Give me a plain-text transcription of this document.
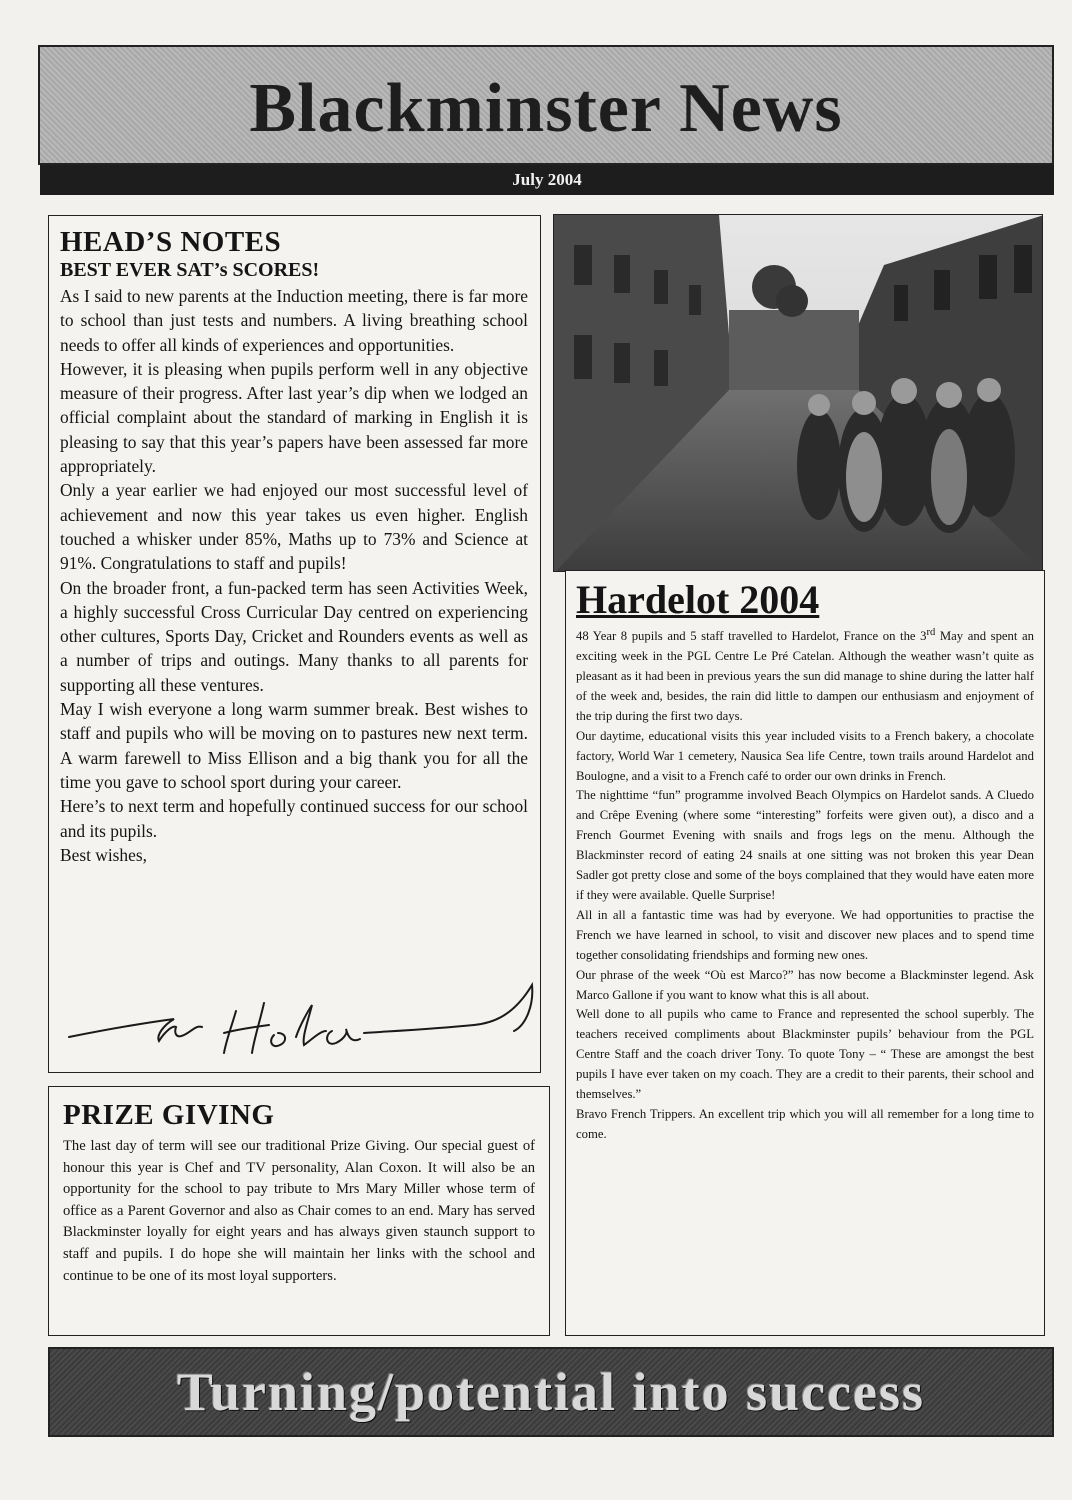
Blackminster News
July 2004
HEAD’S NOTES
BEST EVER SAT’s SCORES!

As I said to new parents at the Induction meeting, there is far more to school than just tests and numbers. A living breathing school needs to offer all kinds of experiences and opportunities.

However, it is pleasing when pupils perform well in any objective measure of their progress. After last year’s dip when we lodged an official complaint about the standard of marking in English it is pleasing to say that this year’s papers have been assessed far more appropriately.

Only a year earlier we had enjoyed our most successful level of achievement and now this year takes us even higher. English touched a whisker under 85%, Maths up to 73% and Science at 91%. Congratulations to staff and pupils!

On the broader front, a fun-packed term has seen Activities Week, a highly successful Cross Curricular Day centred on experiencing other cultures, Sports Day, Cricket and Rounders events as well as a number of trips and outings. Many thanks to all parents for supporting all these ventures.

May I wish everyone a long warm summer break. Best wishes to staff and pupils who will be moving on to pastures new next term. A warm farewell to Miss Ellison and a big thank you for all the time you gave to school sport during your career.

Here’s to next term and hopefully continued success for our school and its pupils.

Best wishes,
PRIZE GIVING

The last day of term will see our traditional Prize Giving. Our special guest of honour this year is Chef and TV personality, Alan Coxon. It will also be an opportunity for the school to pay tribute to Mrs Mary Miller whose term of office as a Parent Governor and also as Chair comes to an end. Mary has served Blackminster loyally for eight years and has always given staunch support to staff and pupils. I do hope she will maintain her links with the school and continue to be one of its most loyal supporters.

Hardelot 2004

48 Year 8 pupils and 5 staff travelled to Hardelot, France on the 3rd May and spent an exciting week in the PGL Centre Le Pré Catelan. Although the weather wasn’t quite as pleasant as it had been in previous years the sun did manage to shine during the latter half of the week and, besides, the rain did little to dampen our enthusiasm and enjoyment of the trip during the first two days.

Our daytime, educational visits this year included visits to a French bakery, a chocolate factory, World War 1 cemetery, Nausica Sea life Centre, town trails around Hardelot and Boulogne, and a visit to a French café to order our own drinks in French.

The nighttime “fun” programme involved Beach Olympics on Hardelot sands. A Cluedo and Crêpe Evening (where some “interesting” forfeits were given out), a disco and a French Gourmet Evening with snails and frogs legs on the menu. Although the Blackminster record of eating 24 snails at one sitting was not broken this year Dean Sadler got pretty close and some of the boys complained that they would have eaten more if they were available. Quelle Surprise!

All in all a fantastic time was had by everyone. We had opportunities to practise the French we have learned in school, to visit and discover new places and to spend time together consolidating friendships and forming new ones.

Our phrase of the week “Où est Marco?” has now become a Blackminster legend. Ask Marco Gallone if you want to know what this is all about.

Well done to all pupils who came to France and represented the school superbly. The teachers received compliments about Blackminster pupils’ behaviour from the PGL Centre Staff and the coach driver Tony. To quote Tony – “ These are amongst the best pupils I have ever taken on my coach. They are a credit to their parents, their school and themselves.”

Bravo French Trippers. An excellent trip which you will all remember for a long time to come.

Turning/potential into success
